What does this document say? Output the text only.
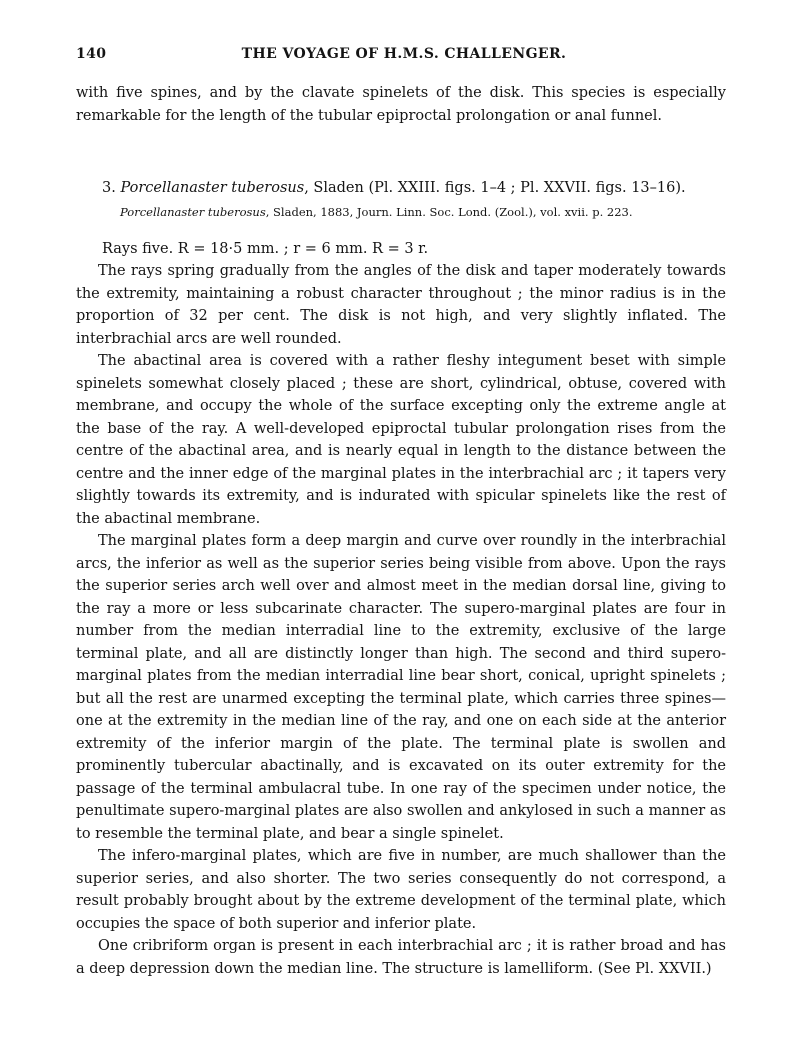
140	THE VOYAGE OF H.M.S. CHALLENGER.

with five spines, and by the clavate spinelets of the disk. This species is especially remarkable for the length of the tubular epiproctal prolongation or anal funnel.

3. Porcellanaster tuberosus, Sladen (Pl. XXIII. figs. 1–4 ; Pl. XXVII. figs. 13–16).

Porcellanaster tuberosus, Sladen, 1883, Journ. Linn. Soc. Lond. (Zool.), vol. xvii. p. 223.

Rays five. R = 18·5 mm. ; r = 6 mm. R = 3 r.

The rays spring gradually from the angles of the disk and taper moderately towards the extremity, maintaining a robust character throughout ; the minor radius is in the proportion of 32 per cent. The disk is not high, and very slightly inflated. The interbrachial arcs are well rounded.

The abactinal area is covered with a rather fleshy integument beset with simple spinelets somewhat closely placed ; these are short, cylindrical, obtuse, covered with membrane, and occupy the whole of the surface excepting only the extreme angle at the base of the ray. A well-developed epiproctal tubular prolongation rises from the centre of the abactinal area, and is nearly equal in length to the distance between the centre and the inner edge of the marginal plates in the interbrachial arc ; it tapers very slightly towards its extremity, and is indurated with spicular spinelets like the rest of the abactinal membrane.

The marginal plates form a deep margin and curve over roundly in the interbrachial arcs, the inferior as well as the superior series being visible from above. Upon the rays the superior series arch well over and almost meet in the median dorsal line, giving to the ray a more or less subcarinate character. The supero-marginal plates are four in number from the median interradial line to the extremity, exclusive of the large terminal plate, and all are distinctly longer than high. The second and third supero-marginal plates from the median interradial line bear short, conical, upright spinelets ; but all the rest are unarmed excepting the terminal plate, which carries three spines—one at the extremity in the median line of the ray, and one on each side at the anterior extremity of the inferior margin of the plate. The terminal plate is swollen and prominently tubercular abactinally, and is excavated on its outer extremity for the passage of the terminal ambulacral tube. In one ray of the specimen under notice, the penultimate supero-marginal plates are also swollen and ankylosed in such a manner as to resemble the terminal plate, and bear a single spinelet.

The infero-marginal plates, which are five in number, are much shallower than the superior series, and also shorter. The two series consequently do not correspond, a result probably brought about by the extreme development of the terminal plate, which occupies the space of both superior and inferior plate.

One cribriform organ is present in each interbrachial arc ; it is rather broad and has a deep depression down the median line. The structure is lamelliform. (See Pl. XXVII.)
